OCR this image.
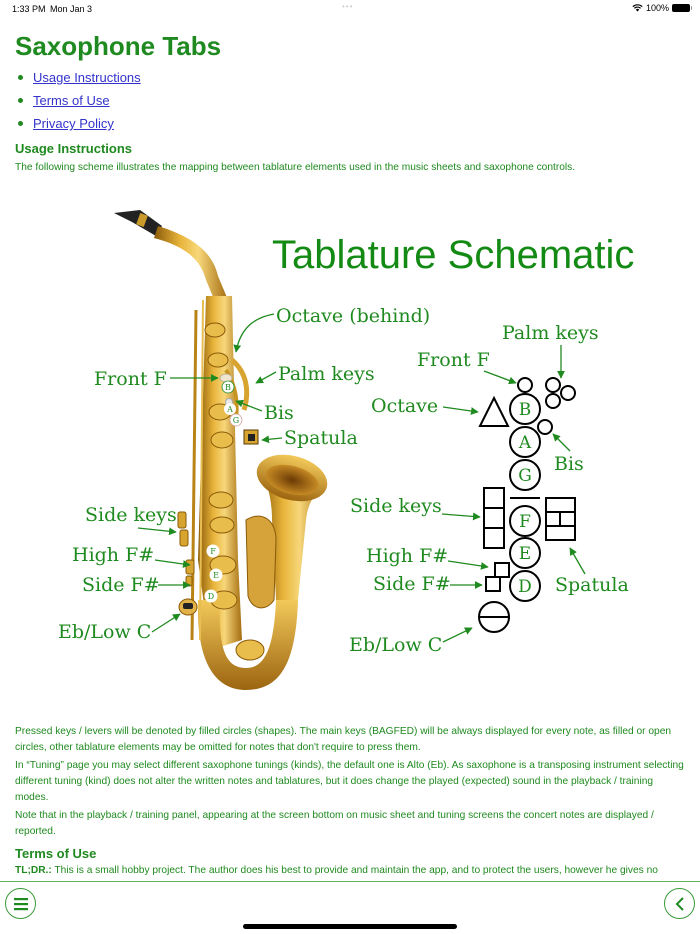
1:33 PM Mon Jan 3	•••	100%
Saxophone Tabs
Usage Instructions
Terms of Use
Privacy Policy
Usage Instructions

The following scheme illustrates the mapping between tablature elements used in the music sheets and saxophone controls.

Tablature Schematic
B
A
G
F
E
D
Octave (behind)
Front F	Palm keys
Bis
Spatula
Side keys
High F#
Side F#
Eb/Low C
B
A
G
F
E
D
Palm keys
Front F
Octave
Bis
Side keys
High F#
Side F#	Spatula
Eb/Low C

Pressed keys / levers will be denoted by filled circles (shapes). The main keys (BAGFED) will be always displayed for every note, as filled or open circles, other tablature elements may be omitted for notes that don't require to press them.

In “Tuning” page you may select different saxophone tunings (kinds), the default one is Alto (Eb). As saxophone is a transposing instrument selecting different tuning (kind) does not alter the written notes and tablatures, but it does change the played (expected) sound in the playback / training modes.

Note that in the playback / training panel, appearing at the screen bottom on music sheet and tuning screens the concert notes are displayed / reported.

Terms of Use

TL;DR.: This is a small hobby project. The author does his best to provide and maintain the app, and to protect the users, however he gives no
